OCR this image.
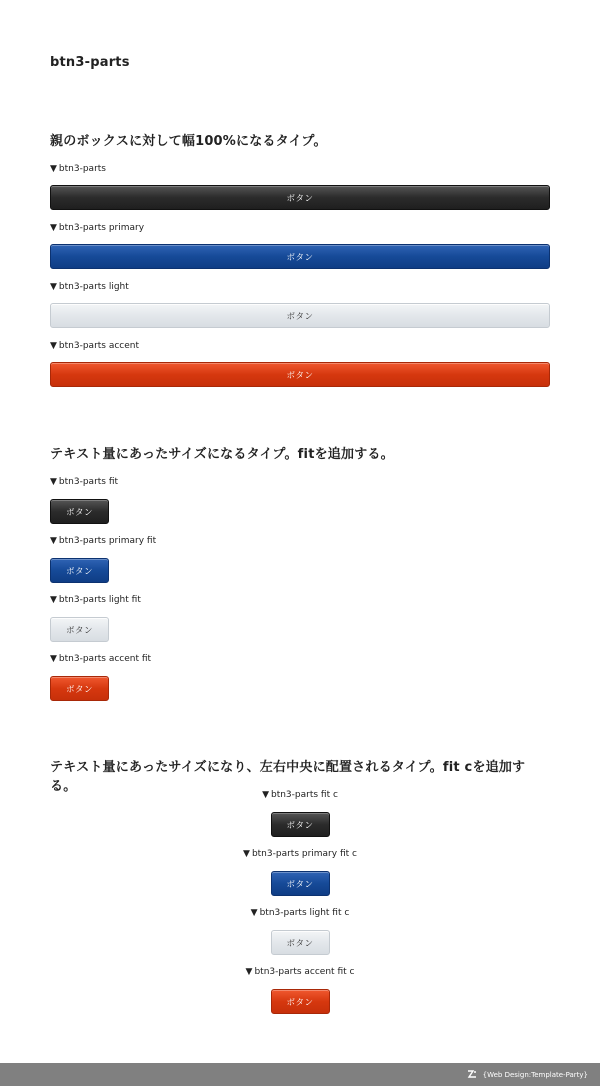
btn3-parts
親のボックスに対して幅100%になるタイプ。
▼ btn3-parts
ボタン
▼ btn3-parts primary
ボタン
▼ btn3-parts light
ボタン
▼ btn3-parts accent
ボタン
テキスト量にあったサイズになるタイプ。fitを追加する。
▼ btn3-parts fit
ボタン
▼ btn3-parts primary fit
ボタン
▼ btn3-parts light fit
ボタン
▼ btn3-parts accent fit
ボタン
テキスト量にあったサイズになり、左右中央に配置されるタイプ。fit cを追加する。
▼ btn3-parts fit c
ボタン
▼ btn3-parts primary fit c
ボタン
▼ btn3-parts light fit c
ボタン
▼ btn3-parts accent fit c
ボタン
{Web Design:Template-Party}
